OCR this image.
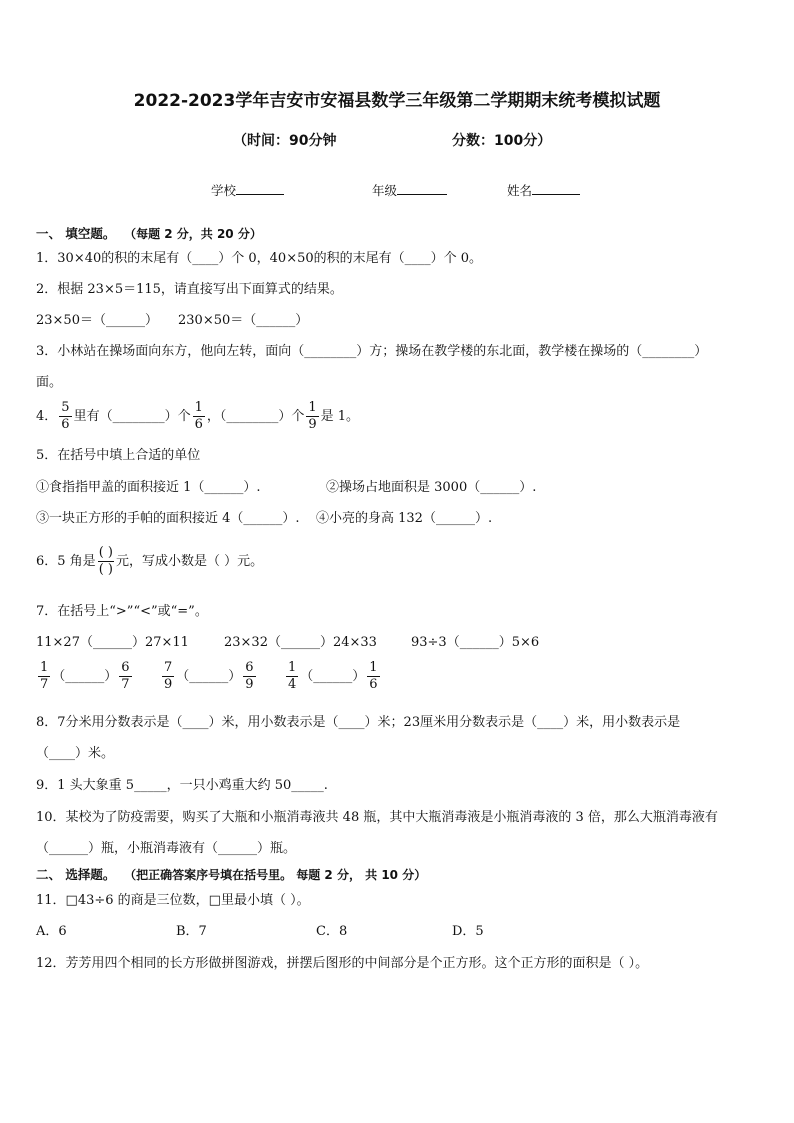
2022-2023学年吉安市安福县数学三年级第二学期期末统考模拟试题
（时间：90分钟	分数：100分）
学校	年级	姓名
一、 填空题。 （每题 2 分，共 20 分）
1．30×40的积的末尾有（____）个 0，40×50的积的末尾有（____）个 0。
2．根据 23×5＝115，请直接写出下面算式的结果。
23×50＝（______） 230×50＝（______）
3．小林站在操场面向东方，他向左转，面向（________）方；操场在教学楼的东北面，教学楼在操场的（________）
面。
4． $\frac{5}{6}$ 里有（________）个 $\frac{1}{6}$ ，（________）个 $\frac{1}{9}$ 是 1。
5．在括号中填上合适的单位
①食指指甲盖的面积接近 1（______）.	②操场占地面积是 3000（______）.
③一块正方形的手帕的面积接近 4（______）. ④小亮的身高 132（______）.
6．5 角是 $\frac{( )}{( )}$ 元，写成小数是（ ）元。
7．在括号上“>”“<”或“=”。
11×27（______）27×11	23×32（______）24×33	93÷3（______）5×6
$\frac{1}{7}$ （______） $\frac{6}{7} \frac{7}{9}$ （______） $\frac{6}{9} \frac{1}{4}$ （______） $\frac{1}{6}$
8．7分米用分数表示是（____）米，用小数表示是（____）米；23厘米用分数表示是（____）米，用小数表示是
（____）米。
9．1 头大象重 5_____，一只小鸡重大约 50_____.
10．某校为了防疫需要，购买了大瓶和小瓶消毒液共 48 瓶，其中大瓶消毒液是小瓶消毒液的 3 倍，那么大瓶消毒液有
（______）瓶，小瓶消毒液有（______）瓶。
二、 选择题。 （把正确答案序号填在括号里。 每题 2 分， 共 10 分）
11．□43÷6 的商是三位数，□里最小填（ ）。
A．6	B．7	C．8	D．5
12．芳芳用四个相同的长方形做拼图游戏，拼摆后图形的中间部分是个正方形。这个正方形的面积是（ ）。
